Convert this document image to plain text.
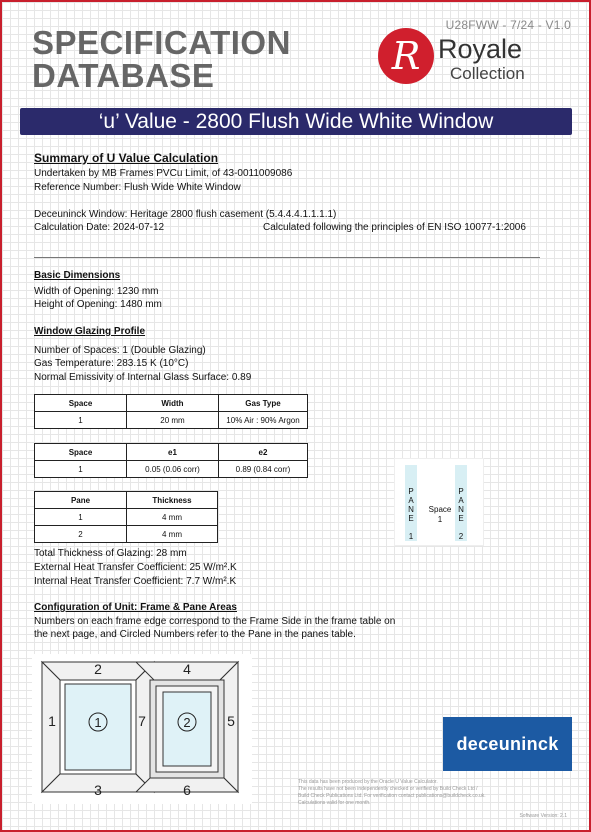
U28FWW - 7/24 - V1.0
SPECIFICATION
DATABASE	R Royale
Collection
‘u’ Value - 2800 Flush Wide White Window
Summary of U Value Calculation
Undertaken by MB Frames PVCu Limit, of 43-0011009086
Reference Number: Flush Wide White Window
Deceuninck Window: Heritage 2800 flush casement (5.4.4.4.1.1.1.1)
Calculation Date: 2024-07-12	Calculated following the principles of EN ISO 10077-1:2006
Basic Dimensions
Width of Opening: 1230 mm
Height of Opening: 1480 mm
Window Glazing Profile
Number of Spaces: 1 (Double Glazing)
Gas Temperature: 283.15 K (10°C)
Normal Emissivity of Internal Glass Surface: 0.89
Space	Width	Gas Type
1	20 mm	10% Air : 90% Argon
Space	e1	e2
1	0.05 (0.06 corr)	0.89 (0.84 corr)
Pane	Thickness
1	4 mm
2	4 mm
Total Thickness of Glazing: 28 mm
External Heat Transfer Coefficient: 25 W/m².K
Internal Heat Transfer Coefficient: 7.7 W/m².K
P
A
N
E
1
P
A
N
E
2
Space
1
Configuration of Unit: Frame & Pane Areas
Numbers on each frame edge correspond to the Frame Side in the frame table on
the next page, and Circled Numbers refer to the Pane in the panes table.
1
2
3
4
5
6
7
1	2
deceuninck
This data has been produced by the Oracle U Value Calculator.
The results have not been independently checked or verified by Build Check Ltd /
Build Check Publications Ltd. For verification contact publications@buildcheck.co.uk.
Calculations valid for one month.
Software Version: 2.1
